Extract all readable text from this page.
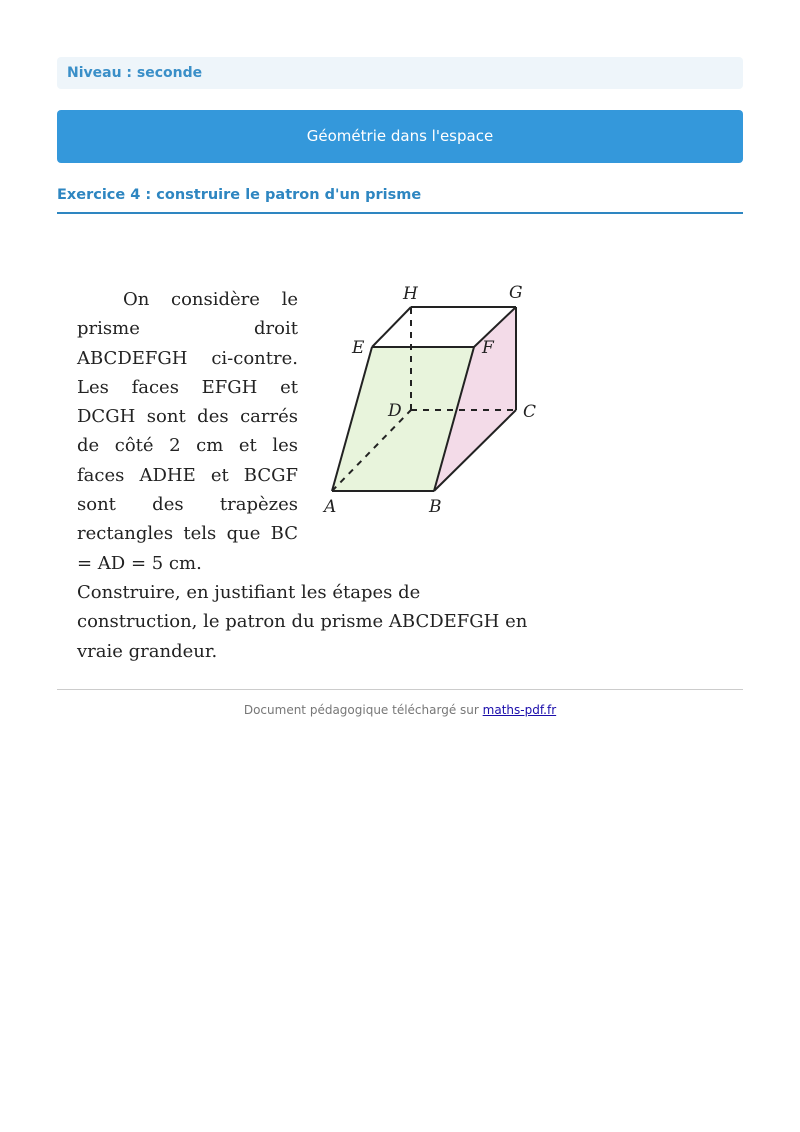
Niveau : seconde
Géométrie dans l'espace
Exercice 4 : construire le patron d'un prisme

On considère le prisme droit ABCDEFGH ci-contre. Les faces EFGH et DCGH sont des carrés de côté 2 cm et les faces ADHE et BCGF sont des trapèzes rectangles tels que BC = AD = 5 cm.

Construire, en justifiant les étapes de construction, le patron du prisme ABCDEFGH en vraie grandeur.

H	G
E	F
D	C
A	B
Document pédagogique téléchargé sur maths-pdf.fr
